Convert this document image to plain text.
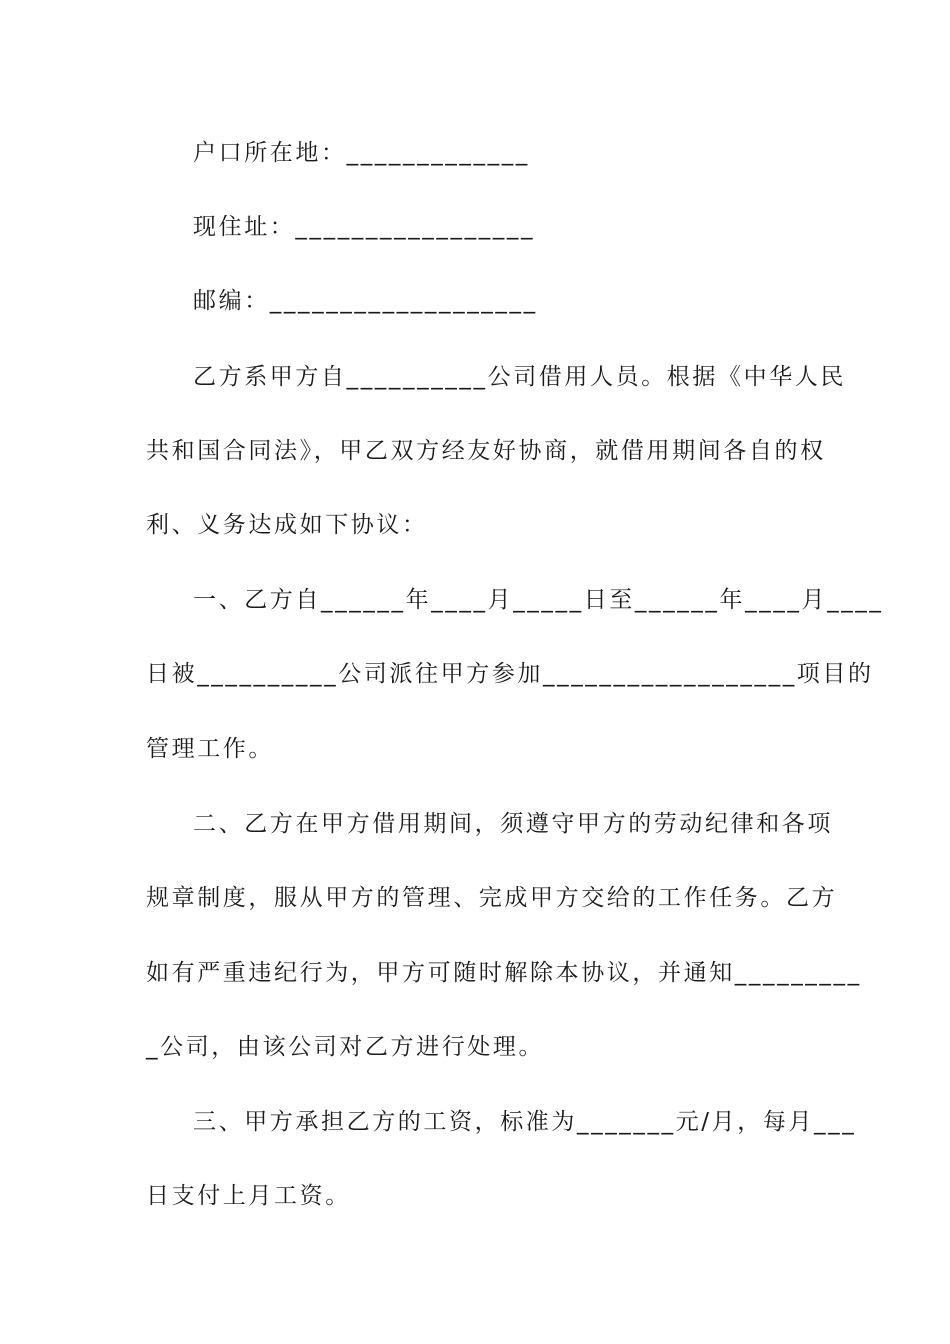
户口所在地：_____________
现住址：_________________
邮编：___________________
乙方系甲方自__________公司借用人员。根据《中华人民
共和国合同法》，甲乙双方经友好协商，就借用期间各自的权
利、义务达成如下协议：
一、乙方自______年____月_____日至______年____月____
日被__________公司派往甲方参加__________________项目的
管理工作。
二、乙方在甲方借用期间，须遵守甲方的劳动纪律和各项
规章制度，服从甲方的管理、完成甲方交给的工作任务。乙方
如有严重违纪行为，甲方可随时解除本协议，并通知_________
_公司，由该公司对乙方进行处理。
三、甲方承担乙方的工资，标准为_______元/月，每月___
日支付上月工资。
